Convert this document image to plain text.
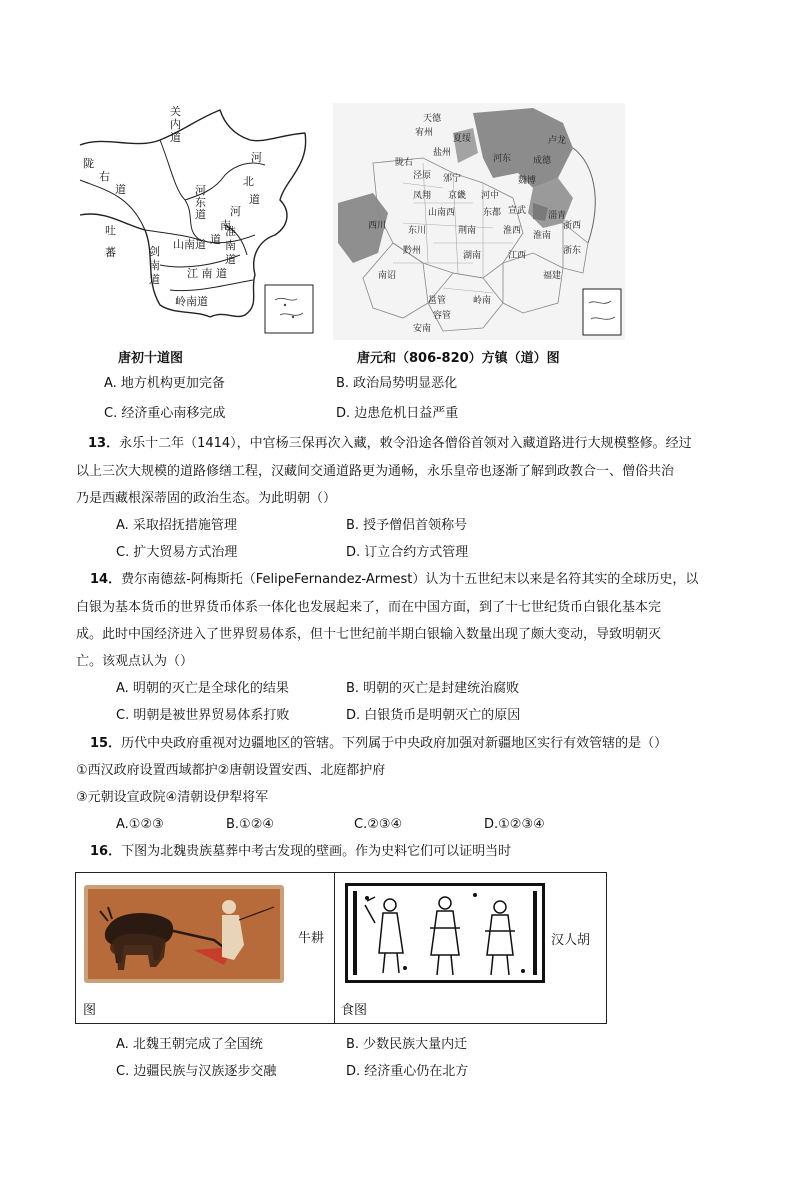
关
内
道
陇
右
道
吐
蕃
河
北
道
河
东
道 河
南
道
淮
南
道
山南道
剑
南
道 江 南 道
岭南道
唐初十道图
天德
宥州
夏绥
盐州
陇右
泾原 邠宁
河东 成德
魏博
卢龙
凤翔 京畿 河中
山南西	东都 宣武 淄青
西川 东川	荆南	淮西 淮南
浙西
黔州	湖南	江西	浙东
南诏	福建
邕管	岭南
容管
安南
唐元和（806-820）方镇（道）图
A. 地方机构更加完备	B. 政治局势明显恶化
C. 经济重心南移完成	D. 边患危机日益严重
13．永乐十二年（1414），中官杨三保再次入藏，敕令沿途各僧俗首领对入藏道路进行大规模整修。经过
以上三次大规模的道路修缮工程，汉藏间交通道路更为通畅，永乐皇帝也逐渐了解到政教合一、僧俗共治
乃是西藏根深蒂固的政治生态。为此明朝（）
A. 采取招抚措施管理	B. 授予僧侣首领称号
C. 扩大贸易方式治理	D. 订立合约方式管理
14．费尔南德兹-阿梅斯托（FelipeFernandez-Armest）认为十五世纪末以来是名符其实的全球历史，以
白银为基本货币的世界货币体系一体化也发展起来了，而在中国方面，到了十七世纪货币白银化基本完
成。此时中国经济进入了世界贸易体系，但十七世纪前半期白银输入数量出现了颇大变动，导致明朝灭
亡。该观点认为（）
A. 明朝的灭亡是全球化的结果	B. 明朝的灭亡是封建统治腐败
C. 明朝是被世界贸易体系打败	D. 白银货币是明朝灭亡的原因
15．历代中央政府重视对边疆地区的管辖。下列属于中央政府加强对新疆地区实行有效管辖的是（）
①西汉政府设置西域都护②唐朝设置安西、北庭都护府
③元朝设宣政院④清朝设伊犁将军
A.①②③	B.①②④	C.②③④	D.①②③④
16．下图为北魏贵族墓葬中考古发现的壁画。作为史料它们可以证明当时
牛耕
图
汉人胡
食图
A. 北魏王朝完成了全国统	B. 少数民族大量内迁
C. 边疆民族与汉族逐步交融	D. 经济重心仍在北方
